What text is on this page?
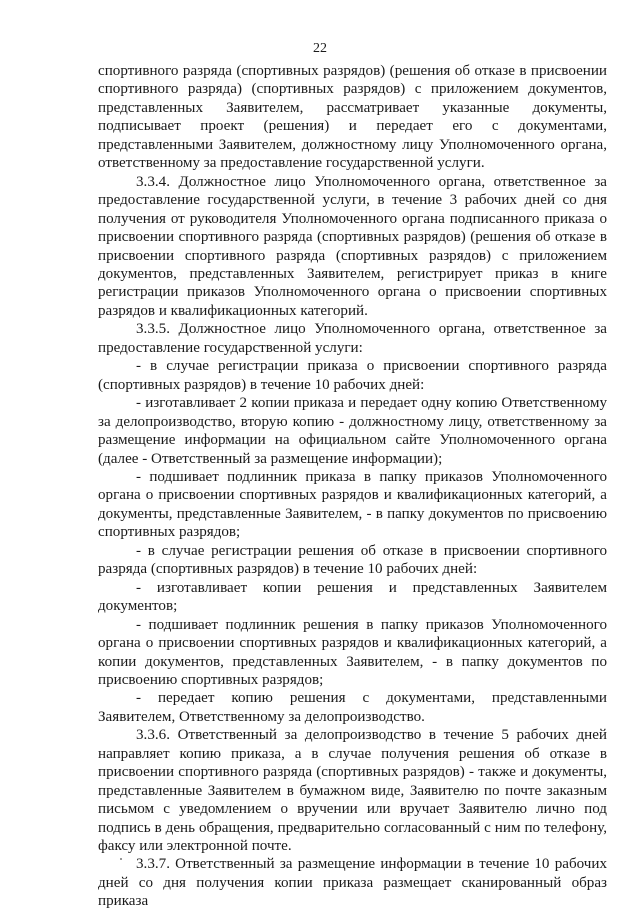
22

спортивного разряда (спортивных разрядов) (решения об отказе в присвоении спортивного разряда) (спортивных разрядов) с приложением документов, представленных Заявителем, рассматривает указанные документы, подписывает проект (решения) и передает его с документами, представленными Заявителем, должностному лицу Уполномоченного органа, ответственному за предоставление государственной услуги.

3.3.4. Должностное лицо Уполномоченного органа, ответственное за предоставление государственной услуги, в течение 3 рабочих дней со дня получения от руководителя Уполномоченного органа подписанного приказа о присвоении спортивного разряда (спортивных разрядов) (решения об отказе в присвоении спортивного разряда (спортивных разрядов) с приложением документов, представленных Заявителем, регистрирует приказ в книге регистрации приказов Уполномоченного органа о присвоении спортивных разрядов и квалификационных категорий.

3.3.5. Должностное лицо Уполномоченного органа, ответственное за предоставление государственной услуги:

- в случае регистрации приказа о присвоении спортивного разряда (спортивных разрядов) в течение 10 рабочих дней:

- изготавливает 2 копии приказа и передает одну копию Ответственному за делопроизводство, вторую копию - должностному лицу, ответственному за размещение информации на официальном сайте Уполномоченного органа (далее - Ответственный за размещение информации);

- подшивает подлинник приказа в папку приказов Уполномоченного органа о присвоении спортивных разрядов и квалификационных категорий, а документы, представленные Заявителем, - в папку документов по присвоению спортивных разрядов;

- в случае регистрации решения об отказе в присвоении спортивного разряда (спортивных разрядов) в течение 10 рабочих дней:

- изготавливает копии решения и представленных Заявителем документов;

- подшивает подлинник решения в папку приказов Уполномоченного органа о присвоении спортивных разрядов и квалификационных категорий, а копии документов, представленных Заявителем, - в папку документов по присвоению спортивных разрядов;

- передает копию решения с документами, представленными Заявителем, Ответственному за делопроизводство.

3.3.6. Ответственный за делопроизводство в течение 5 рабочих дней направляет копию приказа, а в случае получения решения об отказе в присвоении спортивного разряда (спортивных разрядов) - также и документы, представленные Заявителем в бумажном виде, Заявителю по почте заказным письмом с уведомлением о вручении или вручает Заявителю лично под подпись в день обращения, предварительно согласованный с ним по телефону, факсу или электронной почте.

3.3.7. Ответственный за размещение информации в течение 10 рабочих дней со дня получения копии приказа размещает сканированный образ приказа
